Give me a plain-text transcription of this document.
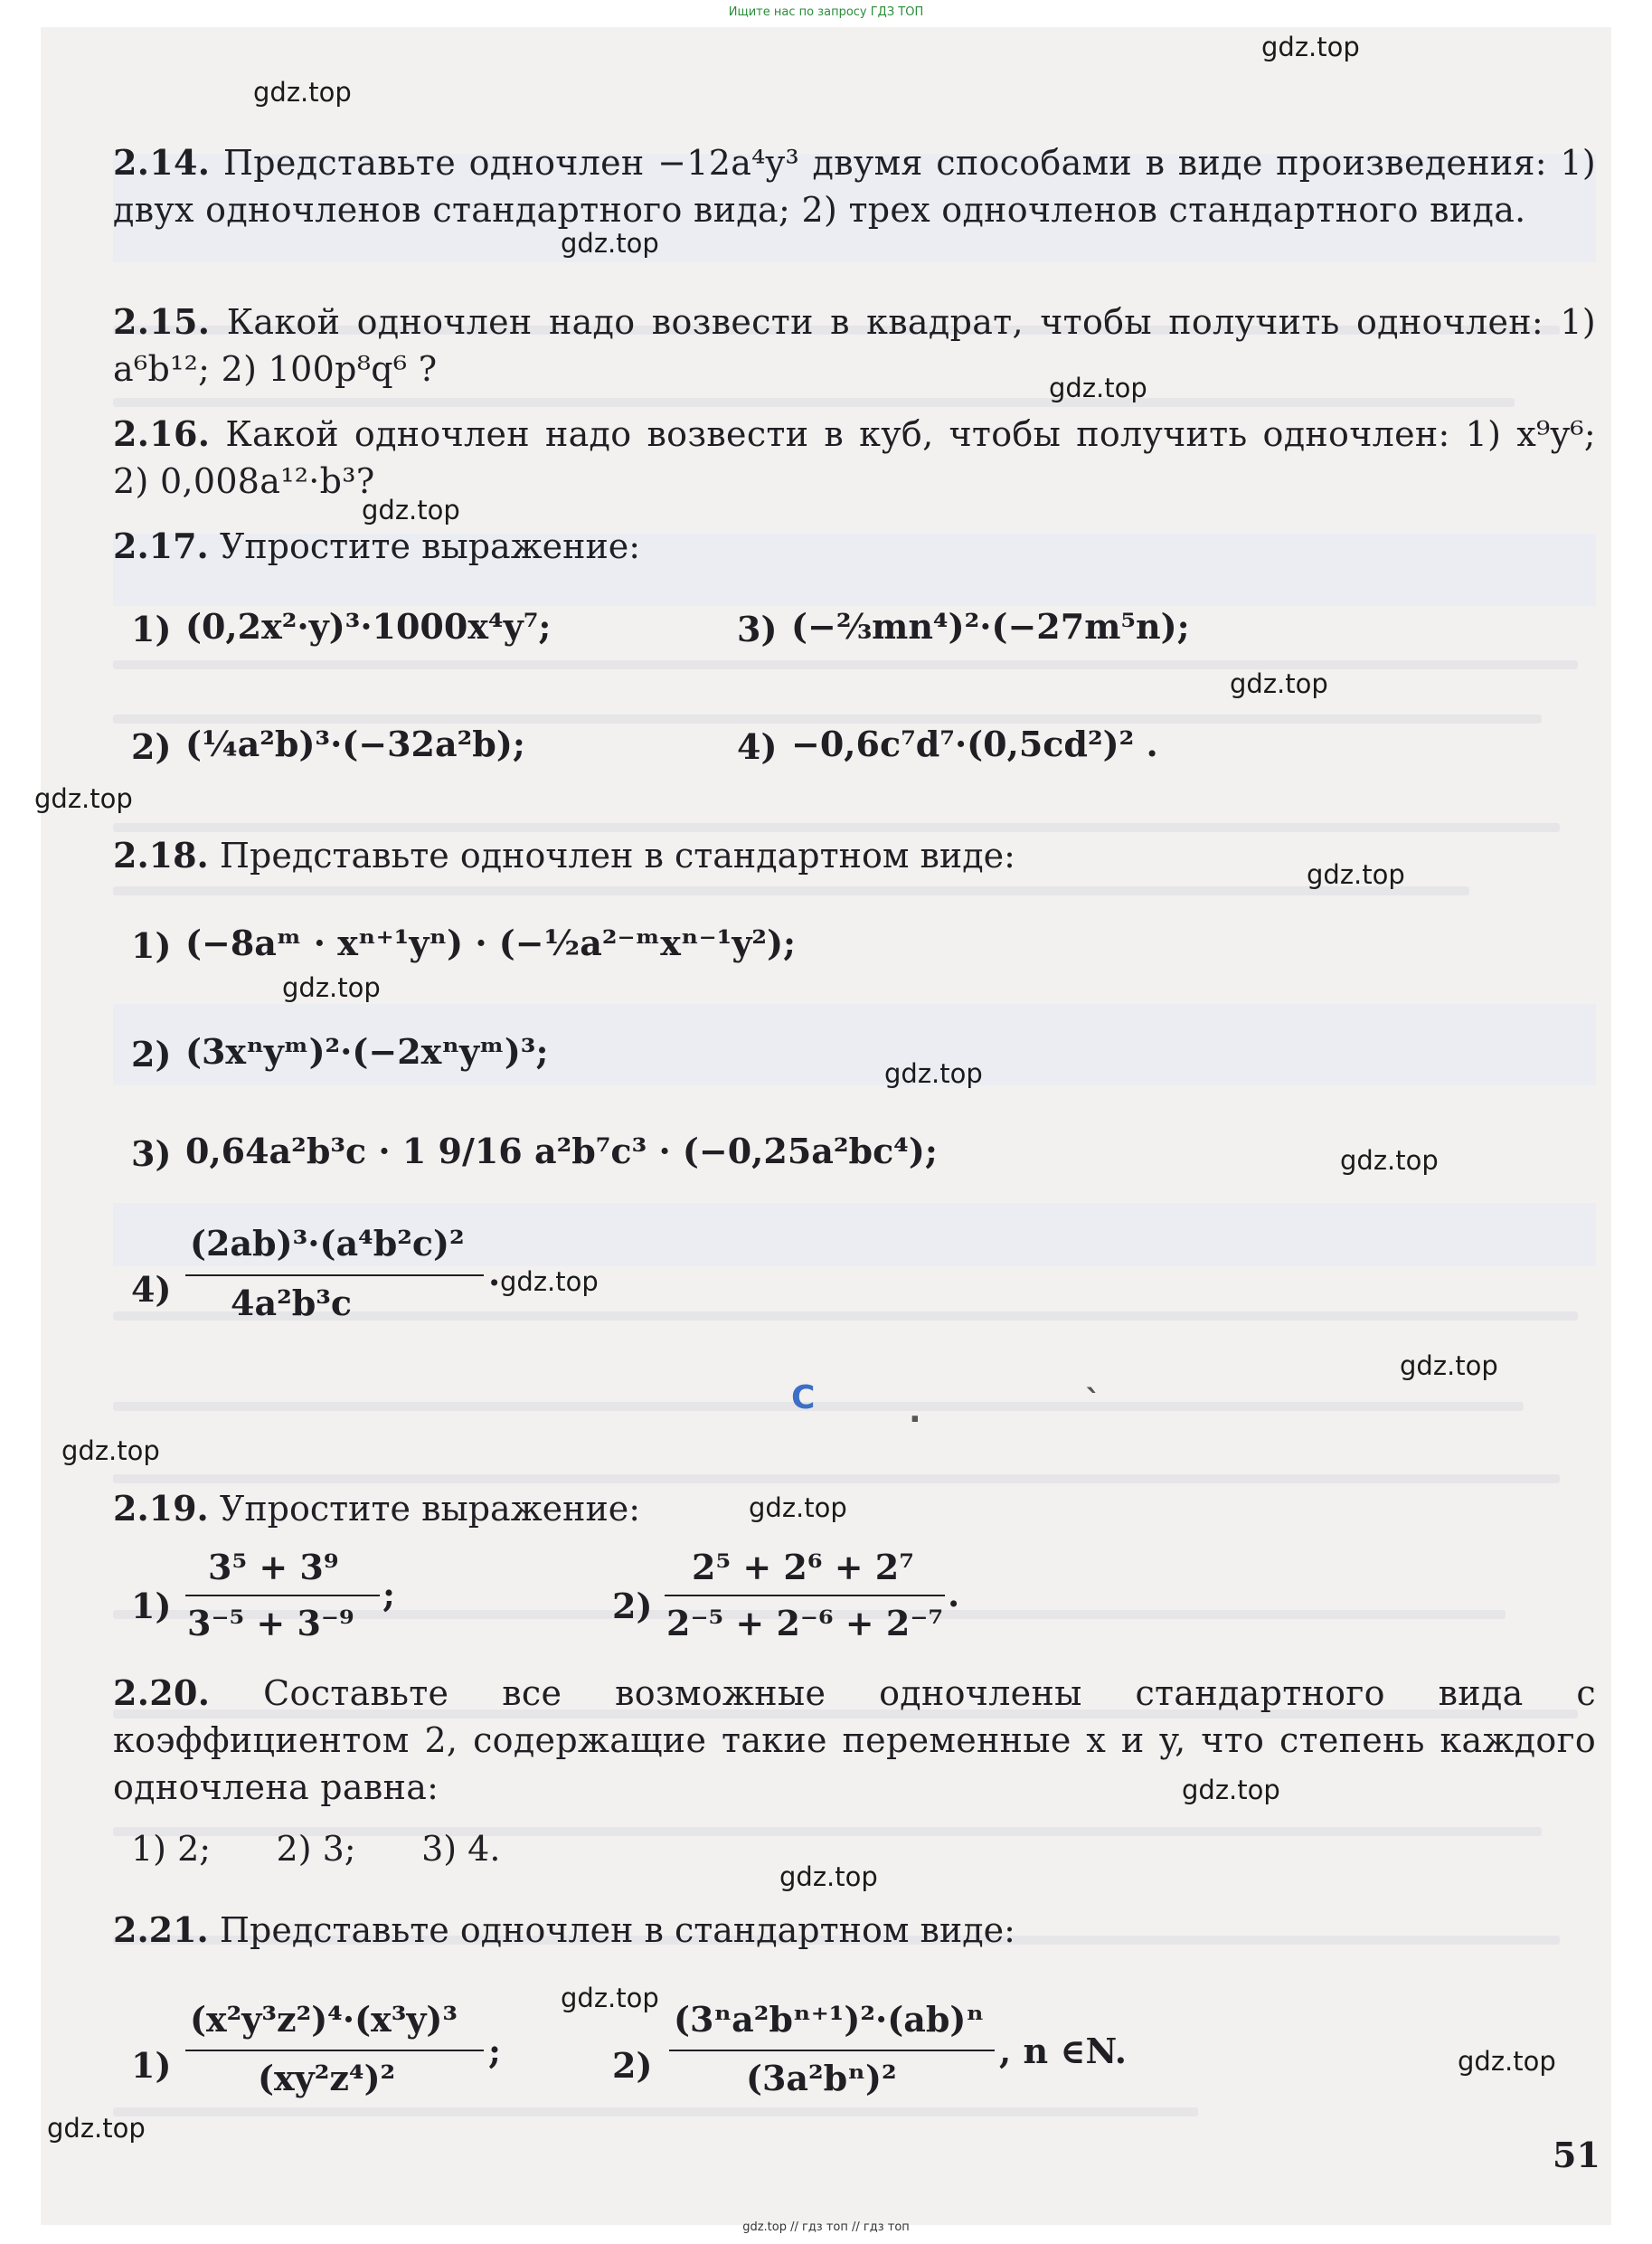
Ищите нас по запросу ГДЗ ТОП
2.14. Представьте одночлен −12a⁴y³ двумя способами в виде произведения: 1) двух одночленов стандартного вида; 2) трех одночленов стандартного вида.
2.15. Какой одночлен надо возвести в квадрат, чтобы получить одночлен: 1) a⁶b¹²; 2) 100p⁸q⁶ ?
2.16. Какой одночлен надо возвести в куб, чтобы получить одночлен: 1) x⁹y⁶; 2) 0,008a¹²·b³?
2.17. Упростите выражение:
1) (0,2x²·y)³·1000x⁴y⁷;	3) (−⅔mn⁴)²·(−27m⁵n);
2) (¼a²b)³·(−32a²b);	4) −0,6c⁷d⁷·(0,5cd²)² .
2.18. Представьте одночлен в стандартном виде:
1) (−8aᵐ · xⁿ⁺¹yⁿ) · (−½a²⁻ᵐxⁿ⁻¹y²);
2) (3xⁿyᵐ)²·(−2xⁿyᵐ)³;
3) 0,64a²b³c · 1 9/16 a²b⁷c³ · (−0,25a²bc⁴);
4)
(2ab)³·(a⁴b²c)²
4a²b³c
.
C	.	`
2.19. Упростите выражение:
1)
3⁵ + 3⁹
3⁻⁵ + 3⁻⁹
;	2)
2⁵ + 2⁶ + 2⁷
2⁻⁵ + 2⁻⁶ + 2⁻⁷
.
2.20. Составьте все возможные одночлены стандартного вида с коэффициентом 2, содержащие такие переменные x и y, что степень каждого одночлена равна:
1) 2;      2) 3;      3) 4.
2.21. Представьте одночлен в стандартном виде:
1)
(x²y³z²)⁴·(x³y)³
(xy²z⁴)²
;	2)
(3ⁿa²bⁿ⁺¹)²·(ab)ⁿ
(3a²bⁿ)²
, n ∈N.
51
gdz.top
gdz.top
gdz.top
gdz.top
gdz.top
gdz.top
gdz.top
gdz.top
gdz.top
gdz.top
gdz.top
gdz.top
gdz.top
gdz.top
gdz.top
gdz.top
gdz.top
gdz.top
gdz.top
gdz.top
gdz.top // гдз топ // гдз топ
